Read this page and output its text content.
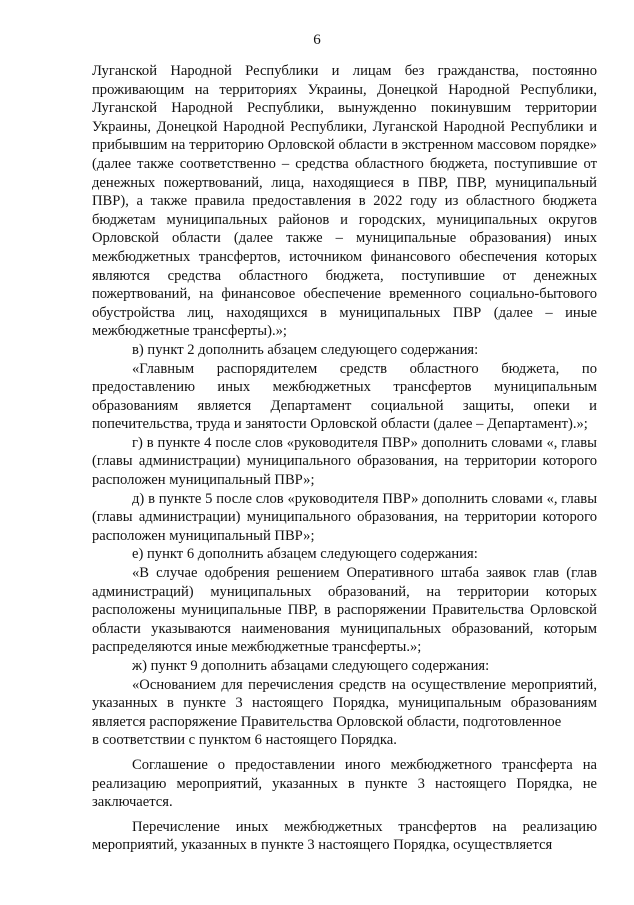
6

Луганской Народной Республики и лицам без гражданства, постоянно проживающим на территориях Украины, Донецкой Народной Республики, Луганской Народной Республики, вынужденно покинувшим территории Украины, Донецкой Народной Республики, Луганской Народной Республики и прибывшим на территорию Орловской области в экстренном массовом порядке» (далее также соответственно – средства областного бюджета, поступившие от денежных пожертвований, лица, находящиеся в ПВР, ПВР, муниципальный ПВР), а также правила предоставления в 2022 году из областного бюджета бюджетам муниципальных районов и городских, муниципальных округов Орловской области (далее также – муниципальные образования) иных межбюджетных трансфертов, источником финансового обеспечения которых являются средства областного бюджета, поступившие от денежных пожертвований, на финансовое обеспечение временного социально-бытового обустройства лиц, находящихся в муниципальных ПВР (далее – иные межбюджетные трансферты).»;

в) пункт 2 дополнить абзацем следующего содержания:

«Главным распорядителем средств областного бюджета, по предоставлению иных межбюджетных трансфертов муниципальным образованиям является Департамент социальной защиты, опеки и попечительства, труда и занятости Орловской области (далее – Департамент).»;

г) в пункте 4 после слов «руководителя ПВР» дополнить словами «, главы (главы администрации) муниципального образования, на территории которого расположен муниципальный ПВР»;

д) в пункте 5 после слов «руководителя ПВР» дополнить словами «, главы (главы администрации) муниципального образования, на территории которого расположен муниципальный ПВР»;

е) пункт 6 дополнить абзацем следующего содержания:

«В случае одобрения решением Оперативного штаба заявок глав (глав администраций) муниципальных образований, на территории которых расположены муниципальные ПВР, в распоряжении Правительства Орловской области указываются наименования муниципальных образований, которым распределяются иные межбюджетные трансферты.»;

ж) пункт 9 дополнить абзацами следующего содержания:

«Основанием для перечисления средств на осуществление мероприятий, указанных в пункте 3 настоящего Порядка, муниципальным образованиям является распоряжение Правительства Орловской области, подготовленное

в соответствии с пунктом 6 настоящего Порядка.

Соглашение о предоставлении иного межбюджетного трансферта на реализацию мероприятий, указанных в пункте 3 настоящего Порядка, не заключается.

Перечисление иных межбюджетных трансфертов на реализацию мероприятий, указанных в пункте 3 настоящего Порядка, осуществляется
